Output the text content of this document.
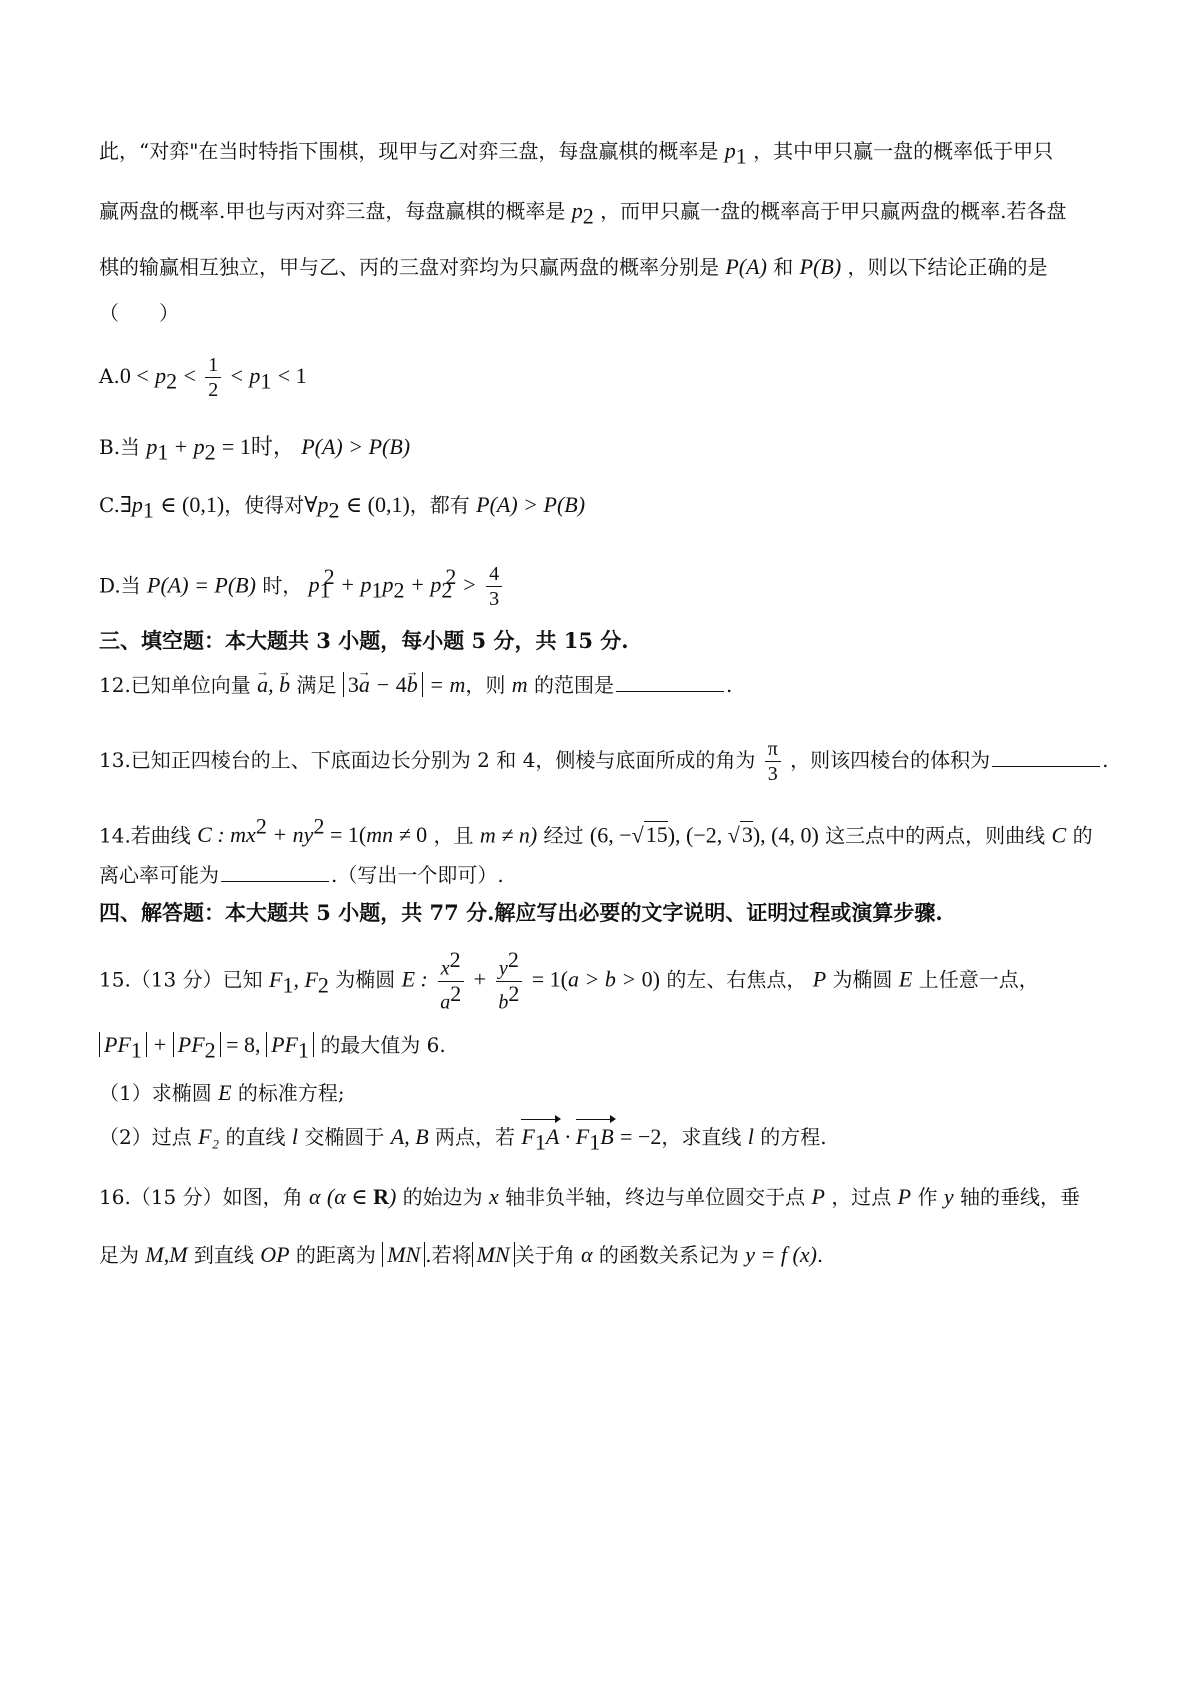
此，“对弈"在当时特指下围棋，现甲与乙对弈三盘，每盘赢棋的概率是 $p_1$ ，其中甲只赢一盘的概率低于甲只
赢两盘的概率.甲也与丙对弈三盘，每盘赢棋的概率是 $p_2$ ，而甲只赢一盘的概率高于甲只赢两盘的概率.若各盘
棋的输赢相互独立，甲与乙、丙的三盘对弈均为只赢两盘的概率分别是 P(A) 和 P(B) ，则以下结论正确的是
（　　）
$A.0 < p_2 < \frac{1}{2} < p_1 < 1$
B.当 $p_1 + p_2 = 1$时， P(A) > P(B)
$C.\exists p_1$ ∈ (0,1)，使得对$\forall p_2$ ∈ (0,1)，都有 P(A) > P(B)
D.当 P(A) = P(B) 时， $p_1^2 + p_1p_2 + p_2^2 > \frac{4}{3}$
三、填空题：本大题共 3 小题，每小题 5 分，共 15 分.
12.已知单位向量 → a, → b 满足 3→ a − 4→ b = m，则 m 的范围是	.
13.已知正四棱台的上、下底面边长分别为 2 和 4，侧棱与底面所成的角为 $\frac{\pi}{3}$ ，则该四棱台的体积为	.
14.若曲线 C : $mx^2 + ny^2 = 1(mn \ne 0$ ，且 m ≠ n) 经过 (6, −√15), (−2, √3), (4, 0) 这三点中的两点，则曲线 C 的
离心率可能为	.（写出一个即可）.
四、解答题：本大题共 5 小题，共 77 分.解应写出必要的文字说明、证明过程或演算步骤.
15.（13 分）已知 $F_1$, $F_2$ 为椭圆 E : $\frac{x^2}{a^2} + \frac{y^2}{b^2} = 1(a > b > 0)$ 的左、右焦点， P 为椭圆 E 上任意一点，
$PF_1 + PF_2 = 8$, $PF_1$ 的最大值为 6.
（1）求椭圆 E 的标准方程;
（2）过点 F₂ 的直线 l 交椭圆于 A, B 两点，若 $F_1A \cdot F_1B = -2$，求直线 l 的方程.
16.（15 分）如图，角 α (α ∈ R) 的始边为 x 轴非负半轴，终边与单位圆交于点 P ，过点 P 作 y 轴的垂线，垂
足为 M,M 到直线 OP 的距离为 MN .若将 MN 关于角 α 的函数关系记为 y = f (x).
